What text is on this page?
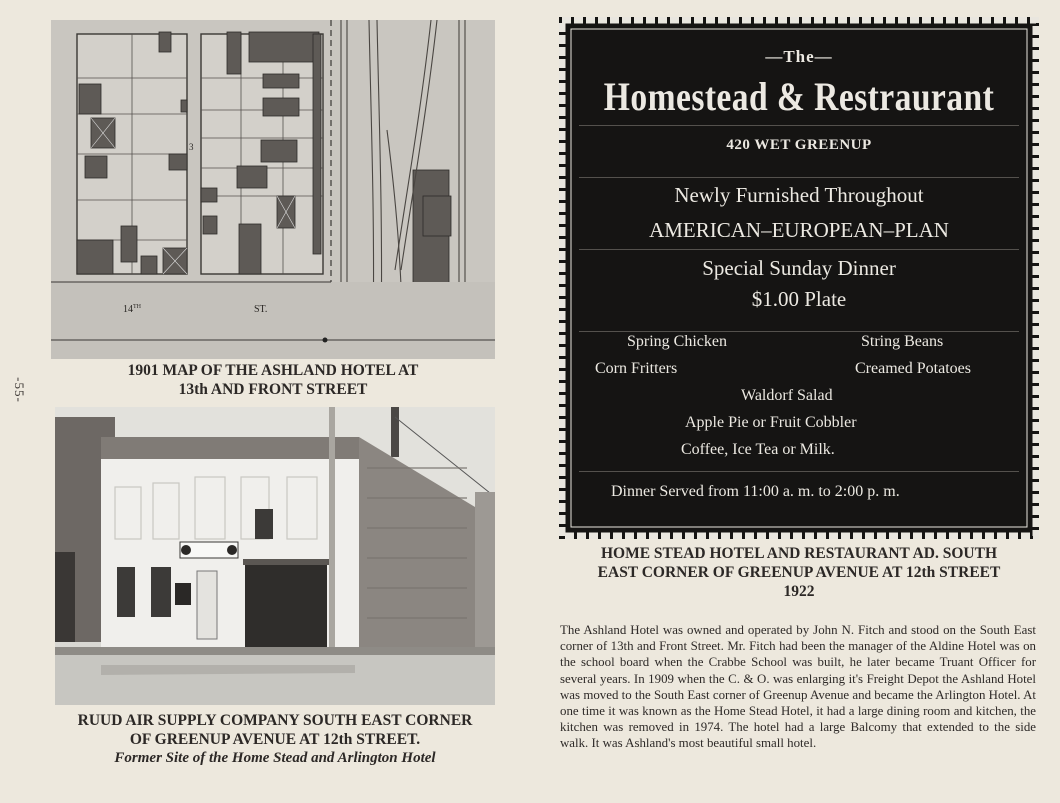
-55-
14TH	ST.
3
1901 MAP OF THE ASHLAND HOTEL AT
13th AND FRONT STREET
RUUD AIR SUPPLY COMPANY SOUTH EAST CORNER
OF GREENUP AVENUE AT 12th STREET.
Former Site of the Home Stead and Arlington Hotel
—The—
Homestead & Restraurant
420 WET GREENUP
Newly Furnished Throughout
AMERICAN–EUROPEAN–PLAN
Special Sunday Dinner
$1.00 Plate
Spring Chicken	String Beans
Corn Fritters	Creamed Potatoes
Waldorf Salad
Apple Pie or Fruit Cobbler
Coffee, Ice Tea or Milk.
Dinner Served from 11:00 a. m. to 2:00 p. m.
HOME STEAD HOTEL AND RESTAURANT AD. SOUTH
EAST CORNER OF GREENUP AVENUE AT 12th STREET
1922
The Ashland Hotel was owned and operated by John N. Fitch and stood on the South East corner of 13th and Front Street. Mr. Fitch had been the manager of the Aldine Hotel was on the school board when the Crabbe School was built, he later became Truant Officer for several years. In 1909 when the C. & O. was enlarging it's Freight Depot the Ashland Hotel was moved to the South East corner of Greenup Avenue and became the Arlington Hotel. At one time it was known as the Home Stead Hotel, it had a large dining room and kitchen, the kitchen was removed in 1974. The hotel had a large Balcomy that extended to the side walk. It was Ashland's most beautiful small hotel.
